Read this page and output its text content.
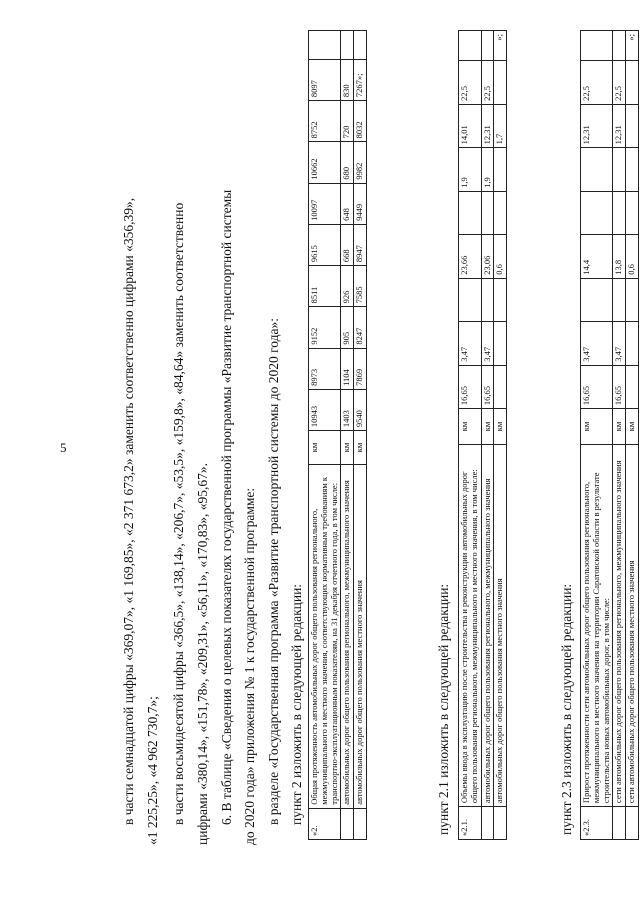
5	в части семнадцатой цифры «369,07», «1 169,85», «2 371 673,2» заменить соответственно цифрами «356,39», «1 225,25», «4 962 730,7»; в части восьмидесятой цифры «366,5», «138,14», «206,7», «53,5», «159,8», «84,64» заменить соответственно цифрами «380,14», «151,78», «209,31», «56,11», «170,83», «95,67». 6. В таблице «Сведения о целевых показателях государственной программы «Развитие транспортной системы до 2020 года» приложения № 1 к государственной программе: в разделе «Государственная программа «Развитие транспортной системы до 2020 года»: пункт 2 изложить в следующей редакции:
«2.	Общая протяженность автомобильных дорог общего пользования регионального, межмуниципального и местного значения, соответствующих нормативным требованиям к транспортно-эксплуатационным показателям, на 31 декабря отчетного года, в том числе:	км	10943	8973	9152	8511	9615	10097	10662	8752	8097	
	автомобильных дорог общего пользования регионального, межмуниципального значения	км	1403	1104	905	926	668	648	680	720	830	
	автомобильных дорог общего пользования местного значения	км	9540	7869	8247	7585	8947	9449	9982	8032	7267»;	
пункт 2.1 изложить в следующей редакции: «2.1.	Объемы ввода в эксплуатацию после строительства и реконструкции автомобильных дорог общего пользования регионального, межмуниципального и местного значения, в том числе:	км	16,65	3,47		23,66		1,9	14,01	22,5	
	автомобильных дорог общего пользования регионального, межмуниципального значения	км	16,65	3,47		23,06		1,9	12,31	22,5	
	автомобильных дорог общего пользования местного значения	км				0,6			1,7		»;
пункт 2.3 изложить в следующей редакции: «2.3.	Прирост протяженности сети автомобильных дорог общего пользования регионального, межмуниципального и местного значения на территории Саратовской области в результате строительства новых автомобильных дорог, в том числе:	км	16,65	3,47		14,4			12,31	22,5	
	сети автомобильных дорог общего пользования регионального, межмуниципального значения	км	16,65	3,47		13,8			12,31	22,5	
	сети автомобильных дорог общего пользования местного значения	км				0,6					»;
